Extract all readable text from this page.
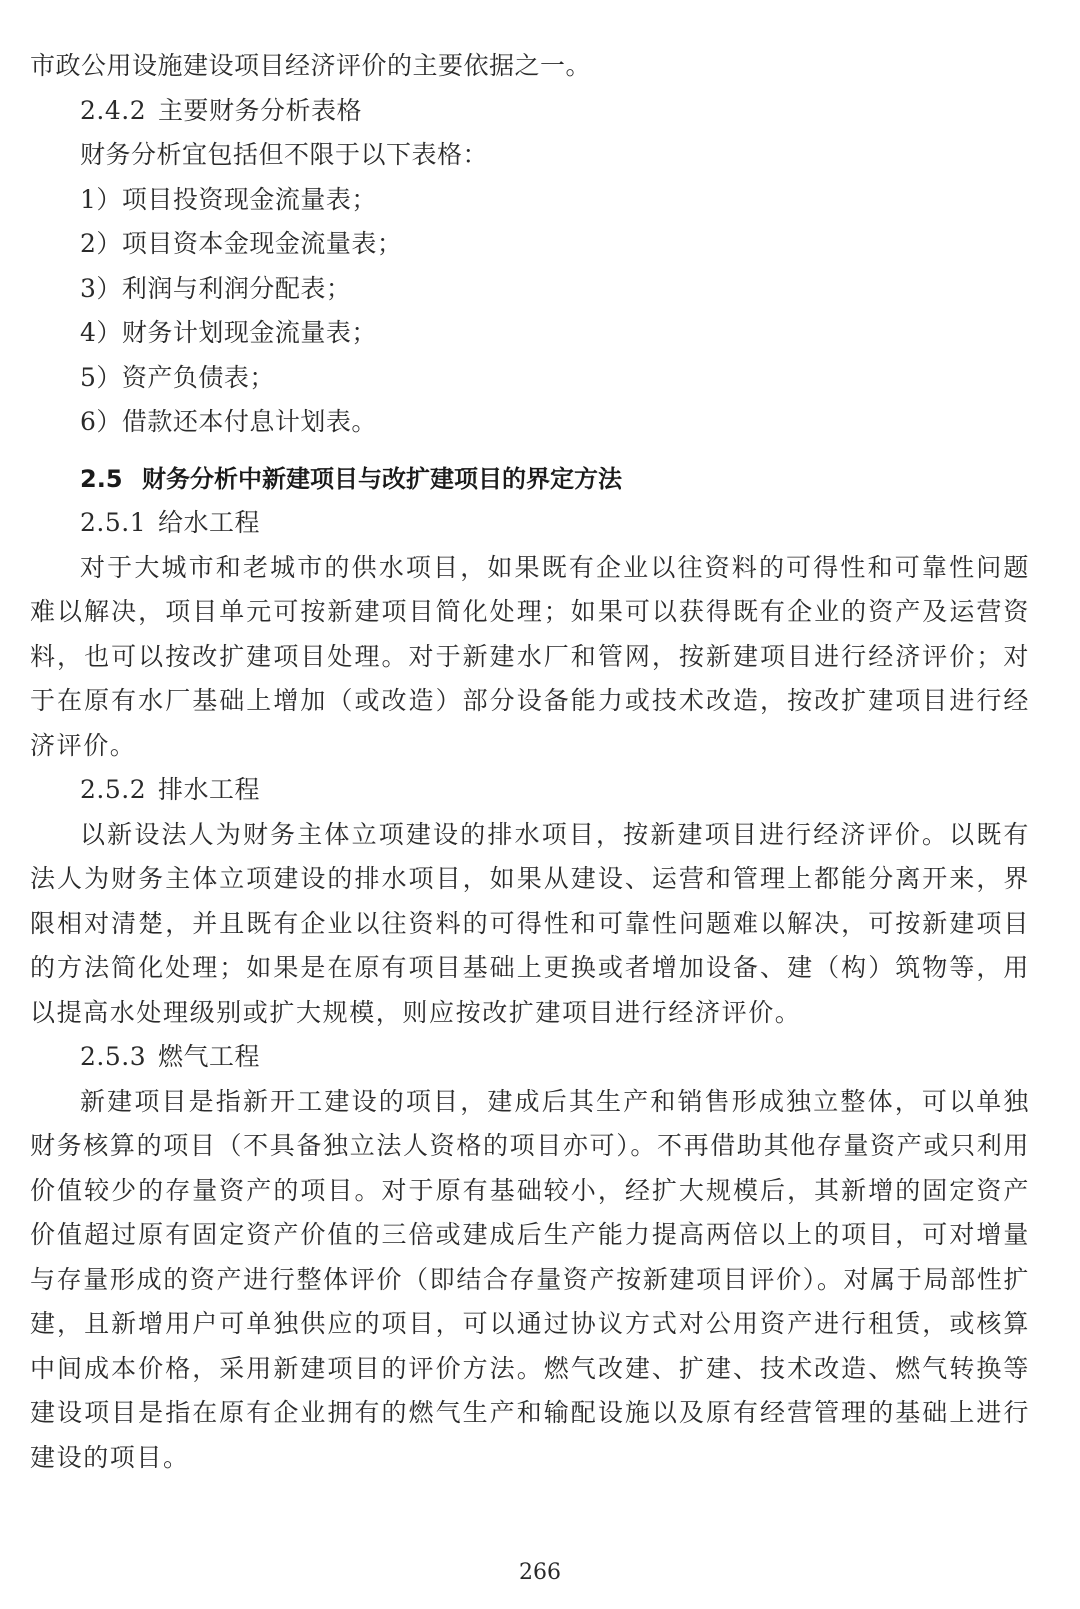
市政公用设施建设项目经济评价的主要依据之一。

2.4.2 主要财务分析表格

财务分析宜包括但不限于以下表格：

1）项目投资现金流量表；

2）项目资本金现金流量表；

3）利润与利润分配表；

4）财务计划现金流量表；

5）资产负债表；

6）借款还本付息计划表。

2.5 财务分析中新建项目与改扩建项目的界定方法

2.5.1 给水工程

对于大城市和老城市的供水项目，如果既有企业以往资料的可得性和可靠性问题难以解决，项目单元可按新建项目简化处理；如果可以获得既有企业的资产及运营资料，也可以按改扩建项目处理。对于新建水厂和管网，按新建项目进行经济评价；对于在原有水厂基础上增加（或改造）部分设备能力或技术改造，按改扩建项目进行经济评价。

2.5.2 排水工程

以新设法人为财务主体立项建设的排水项目，按新建项目进行经济评价。以既有法人为财务主体立项建设的排水项目，如果从建设、运营和管理上都能分离开来，界限相对清楚，并且既有企业以往资料的可得性和可靠性问题难以解决，可按新建项目的方法简化处理；如果是在原有项目基础上更换或者增加设备、建（构）筑物等，用以提高水处理级别或扩大规模，则应按改扩建项目进行经济评价。

2.5.3 燃气工程

新建项目是指新开工建设的项目，建成后其生产和销售形成独立整体，可以单独财务核算的项目（不具备独立法人资格的项目亦可）。不再借助其他存量资产或只利用价值较少的存量资产的项目。对于原有基础较小，经扩大规模后，其新增的固定资产价值超过原有固定资产价值的三倍或建成后生产能力提高两倍以上的项目，可对增量与存量形成的资产进行整体评价（即结合存量资产按新建项目评价）。对属于局部性扩建，且新增用户可单独供应的项目，可以通过协议方式对公用资产进行租赁，或核算中间成本价格，采用新建项目的评价方法。燃气改建、扩建、技术改造、燃气转换等建设项目是指在原有企业拥有的燃气生产和输配设施以及原有经营管理的基础上进行建设的项目。

266
